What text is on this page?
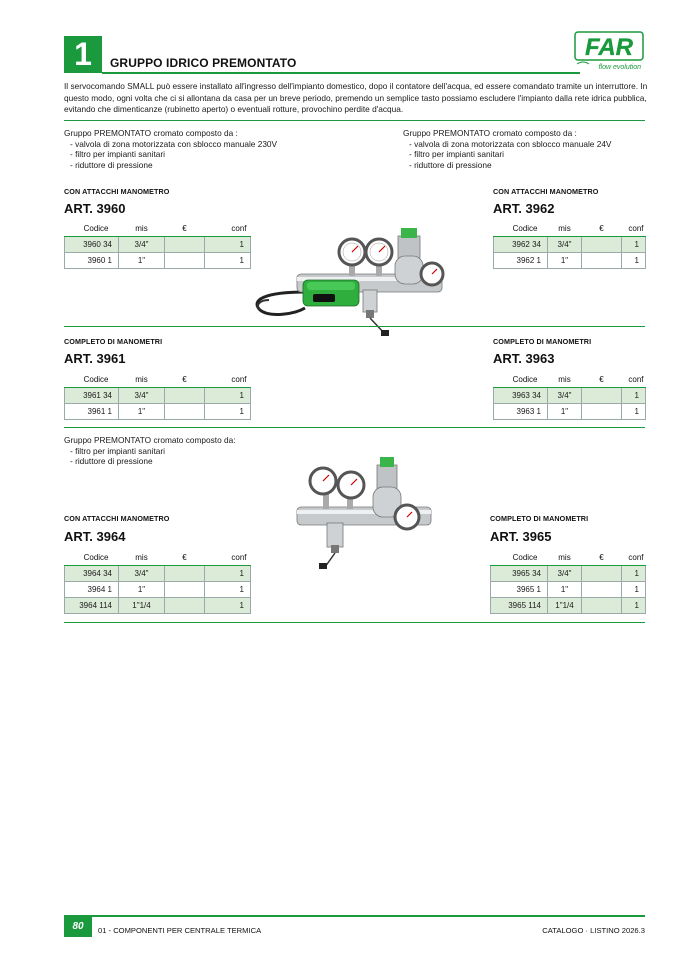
1	GRUPPO IDRICO PREMONTATO
FAR
flow evolution

Il servocomando SMALL può essere installato all'ingresso dell'impianto domestico, dopo il contatore dell'acqua, ed essere comandato tramite un interruttore. In questo modo, ogni volta che ci si allontana da casa per un breve periodo, premendo un semplice tasto possiamo escludere l'impianto dalla rete idrica pubblica, evitando che dimenticanze (rubinetto aperto) o eventuali rotture, provochino perdite d'acqua.

Gruppo PREMONTATO cromato composto da :
- valvola di zona motorizzata con sblocco manuale 230V
- filtro per impianti sanitari
- riduttore di pressione
Gruppo PREMONTATO cromato composto da :
- valvola di zona motorizzata con sblocco manuale 24V
- filtro per impianti sanitari
- riduttore di pressione
CON ATTACCHI MANOMETRO
ART. 3960
Codice	mis	€	conf
3960 34	3/4"		1
3960 1	1"		1
CON ATTACCHI MANOMETRO
ART. 3962
Codice	mis	€	conf
3962 34	3/4"		1
3962 1	1"		1
COMPLETO DI MANOMETRI
ART. 3961
Codice	mis	€	conf
3961 34	3/4"		1
3961 1	1"		1
COMPLETO DI MANOMETRI
ART. 3963
Codice	mis	€	conf
3963 34	3/4"		1
3963 1	1"		1
Gruppo PREMONTATO cromato composto da:
- filtro per impianti sanitari
- riduttore di pressione
CON ATTACCHI MANOMETRO
ART. 3964
Codice	mis	€	conf
3964 34	3/4"		1
3964 1	1"		1
3964 114	1"1/4		1
COMPLETO DI MANOMETRI
ART. 3965
Codice	mis	€	conf
3965 34	3/4"		1
3965 1	1"		1
3965 114	1"1/4		1
80	01 - COMPONENTI PER CENTRALE TERMICA	CATALOGO · LISTINO 2026.3
